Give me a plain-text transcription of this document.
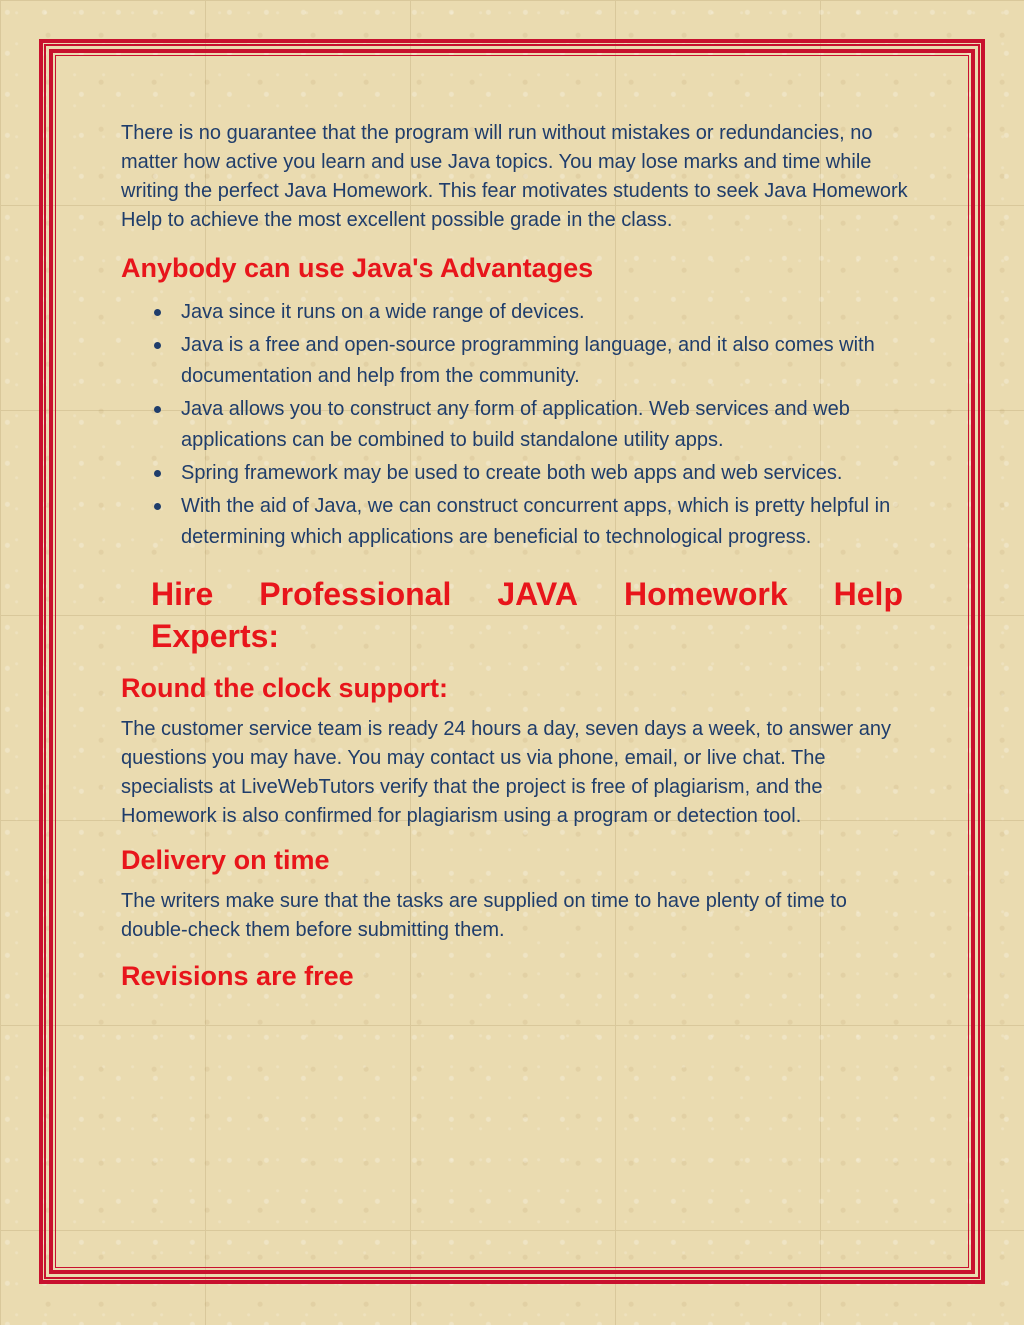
There is no guarantee that the program will run without mistakes or redundancies, no matter how active you learn and use Java topics. You may lose marks and time while writing the perfect Java Homework. This fear motivates students to seek Java Homework Help to achieve the most excellent possible grade in the class.

Anybody can use Java's Advantages
Java since it runs on a wide range of devices.
Java is a free and open-source programming language, and it also comes with documentation and help from the community.
Java allows you to construct any form of application. Web services and web applications can be combined to build standalone utility apps.
Spring framework may be used to create both web apps and web services.
With the aid of Java, we can construct concurrent apps, which is pretty helpful in determining which applications are beneficial to technological progress.
Hire Professional JAVA Homework Help
Experts:
Round the clock support:

The customer service team is ready 24 hours a day, seven days a week, to answer any questions you may have. You may contact us via phone, email, or live chat. The specialists at LiveWebTutors verify that the project is free of plagiarism, and the Homework is also confirmed for plagiarism using a program or detection tool.

Delivery on time

The writers make sure that the tasks are supplied on time to have plenty of time to double-check them before submitting them.

Revisions are free
